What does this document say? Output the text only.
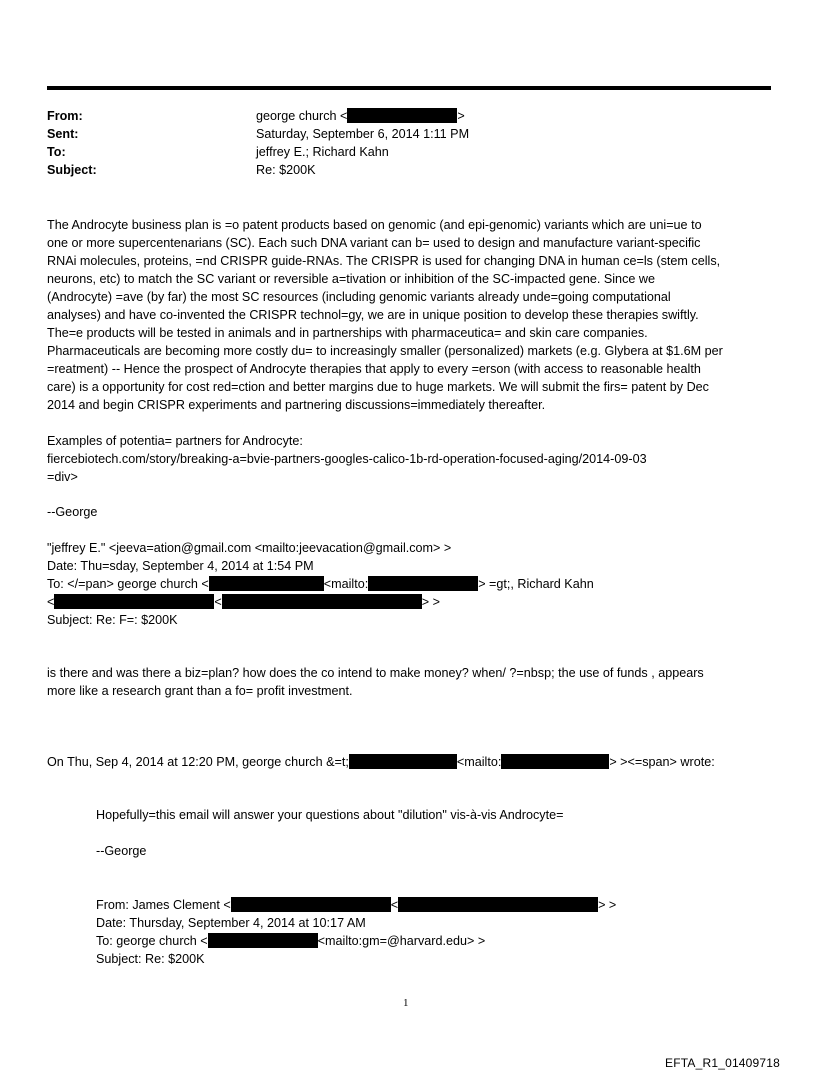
From:	george church <	>
Sent:	Saturday, September 6, 2014 1:11 PM
To:	jeffrey E.; Richard Kahn
Subject:	Re: $200K
The Androcyte business plan is =o patent products based on genomic (and epi-genomic) variants which are uni=ue to
one or more supercentenarians (SC). Each such DNA variant can b= used to design and manufacture variant-specific
RNAi molecules, proteins, =nd CRISPR guide-RNAs. The CRISPR is used for changing DNA in human ce=ls (stem cells,
neurons, etc) to match the SC variant or reversible a=tivation or inhibition of the SC-impacted gene. Since we
(Androcyte) =ave (by far) the most SC resources (including genomic variants already unde=going computational
analyses) and have co-invented the CRISPR technol=gy, we are in unique position to develop these therapies swiftly.
The=e products will be tested in animals and in partnerships with pharmaceutica= and skin care companies.
Pharmaceuticals are becoming more costly du= to increasingly smaller (personalized) markets (e.g. Glybera at $1.6M per
=reatment) -- Hence the prospect of Androcyte therapies that apply to every =erson (with access to reasonable health
care) is a opportunity for cost red=ction and better margins due to huge markets. We will submit the firs= patent by Dec
2014 and begin CRISPR experiments and partnering discussions=immediately thereafter.
Examples of potentia= partners for Androcyte:
fiercebiotech.com/story/breaking-a=bvie-partners-googles-calico-1b-rd-operation-focused-aging/2014-09-03
=div>
--George
"jeffrey E." <jeeva=ation@gmail.com <mailto:jeevacation@gmail.com> >
Date: Thu=sday, September 4, 2014 at 1:54 PM
To: </=pan> george church <	<mailto:	> =gt;, Richard Kahn
<	<	> >
Subject: Re: F=: $200K
is there and was there a biz=plan? how does the co intend to make money? when/ ?=nbsp; the use of funds , appears
more like a research grant than a fo= profit investment.
On Thu, Sep 4, 2014 at 12:20 PM, george church &=t;	<mailto:	> ><=span> wrote:
Hopefully=this email will answer your questions about "dilution" vis-à-vis Androcyte=
--George
From: James Clement <	<	> >
Date: Thursday, September 4, 2014 at 10:17 AM
To: george church <	<mailto:gm=@harvard.edu> >
Subject: Re: $200K
1
EFTA_R1_01409718
